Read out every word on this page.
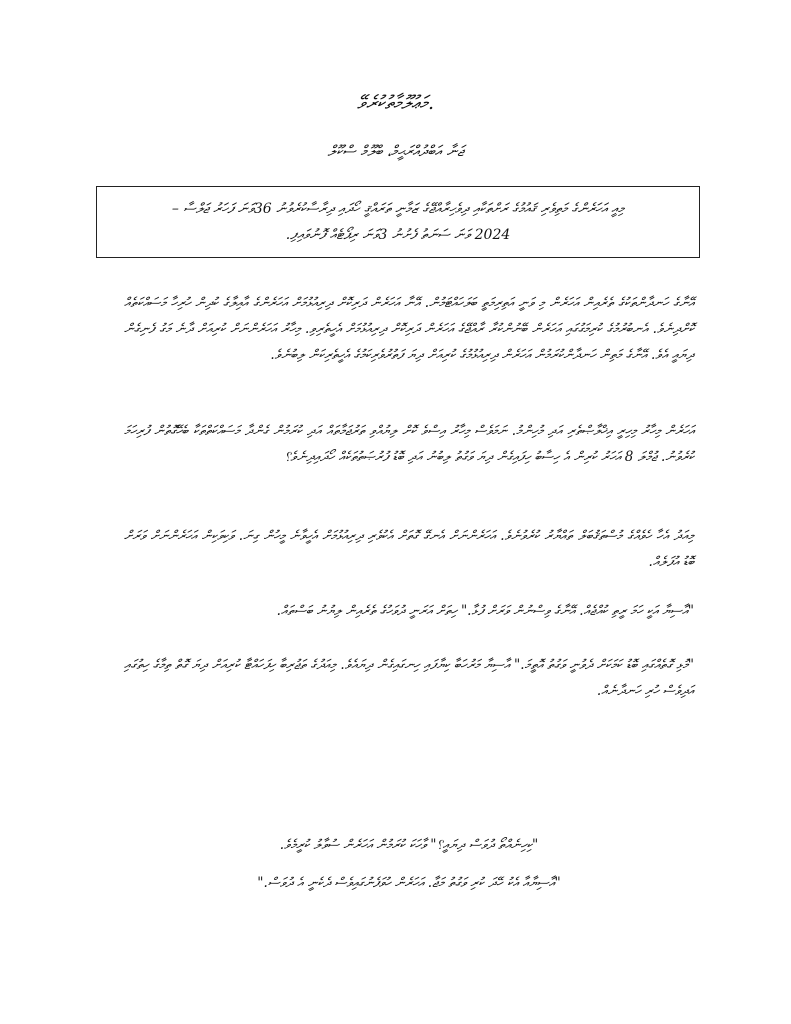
މަޢުލޫމާތުކުރެވޭ.
ޖަނާ އަބްދުއްރަޙީމް، ބްލޫމް ސްކޫލް
މިއީ އަހަރެންގެ މަތިވެރި ޤައުމުގެ ރަށްތަކާއި ދިވެހިރާއްޖޭގެ ޒަމާނީ ތަރައްޤީ ހޯދައި ދިރާސާކުރެވުނު 36ވަނަ ފަހަރު ޖަލްސާ –
2024 ވަނަ ސަނަތު ފެށުނު 3ވަނަ ރިޕޯޓެއް ފޮނުވައިފި.
އޭނާގެ ހަނދާންތަކުގެ ތެރެއިން އަހަރެން މި ވަނީ އަތިރިމަތީ ބަލަހައްޓަމުން. އޭނާ އަހަރެން ދަރިކޮށް ދިރިއުޅުމަށް އަހަރެންގެ އާއިލާގެ ކުދިން ހުރިހާ މަސައްކަތެއް ކޮށްދިނެވެ. އެނބުރުމުގެ ކުރިމަގުގައި އަހަރެން ބޭނުންކުރާ ރާއްޖޭގެ އަހަރެން ދަރިކޮށް ދިރިއުޅުމަށް އެހީތެރިވި. މިހާރު އަހަރެންނަށް ކުރިއަށް ދާނެ މަގު ފެނިގެން ދިޔައީ އެވެ. އޭނާގެ މަތިން ހަނދާންކުރަމުން އަހަރެން ދިރިއުޅުމުގެ ކުރިއަށް ދިޔަ ފަތުރުވެރިކަމުގެ އެހީތެރިކަން ލިބުނެވެ.
އަހަރެން މިހާރު މިހިރީ އިޚްލާޞްތެރި އަދި މުހިންމު. ނަމަވެސް މިހާރު އިސްވެ ކޮށް ލިޔުއްވި ތަރުޖަމާތައް އަދި ކުރަމުން ގެންދާ މަސައްކަތްތަކާ ބެހޭގޮތުން ފުރިހަމަ ކުރެވުނު. ޖުމްލަ 8 އަހަރު ކުރިން އެ ހިސާބު ހިފައިގެން ދިޔަ ވަގުތު ލިބުނު އަދި ބޮޑު ފުރުޞަތުތަކެއް ހޯދައިދިނެވެ؟
މިއަދު އެހާ ހެވެއްގެ މުސްތަޤުބަލް ތައްޔާރު ކުރެވުނެވެ. އަހަރެންނަށް އެނގޭ ގޮތަށް އެކުވެރި ދިރިއުޅުމަށް އެހީވާނެ މީހުން ގިނަ. ވަކިވަކިން އަހަރެންނަށް ވަރަށް ބޮޑު އުފަލެއް.
"އާސިޔާ އަކީ ހަމަ ރީތި ކުއްޖެއް. އޭނާގެ ވިސްނުން ވަރަށް ފުޅާ." ހިތަށް އަރަނީ ދުވަހުގެ ތެރެއިން ލިޔުނު ބަސްތައް.
"މުޅި ގޮތެއްގައި ބޮޑު ކަމަކަށް ދެވުނީ ވަގުތު އޮތީމަ." އާސިޔާ މަރުހަބާ ކިޔާފައި ހިނގައިގެން ދިޔައެވެ. މިއަދުގެ ތަޖުރިބާ ހިފަހައްޓާ ކުރިއަށް ދިޔަ ގޮތް ތިމާގެ ހިތުގައި އަދިވެސް ހުރި ހަނދާނެއް.
"ކިހިނެއްތޯ ދުވަސް ދިޔައީ؟" ވާހަކަ ކުރަމުން އަހަރެން ސުވާލު ކުރީމެވެ.
"އާސިޔާއާ އެކު ހޭދަ ކުރި ވަގުތު މަޖާ. އަހަރެން ހުވަފެނުގައިވެސް ދެކެނީ އެ ދުވަސް."
